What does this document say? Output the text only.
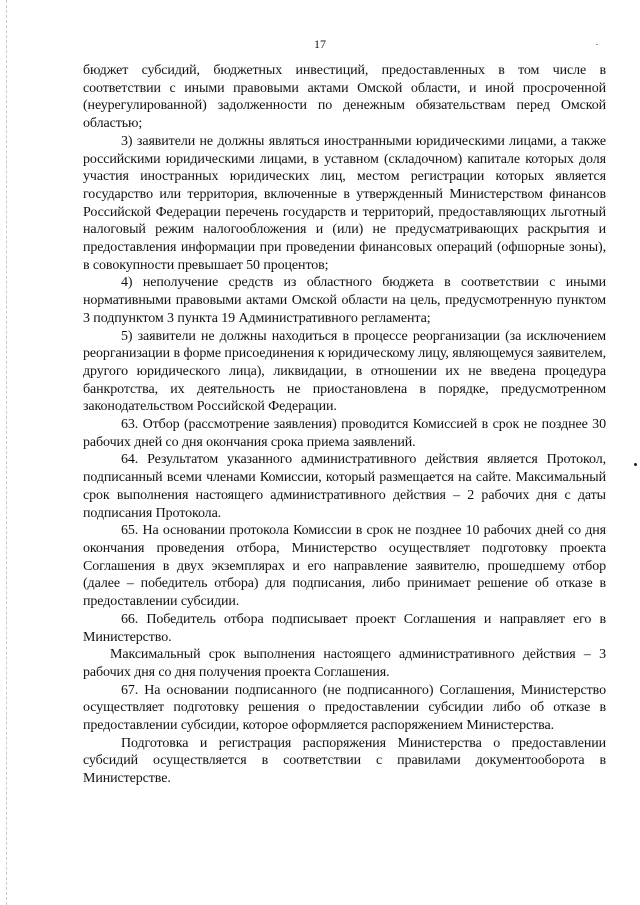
17

бюджет субсидий, бюджетных инвестиций, предоставленных в том числе в соответствии с иными правовыми актами Омской области, и иной просроченной (неурегулированной) задолженности по денежным обязательствам перед Омской областью;

3) заявители не должны являться иностранными юридическими лицами, а также российскими юридическими лицами, в уставном (складочном) капитале которых доля участия иностранных юридических лиц, местом регистрации которых является государство или территория, включенные в утвержденный Министерством финансов Российской Федерации перечень государств и территорий, предоставляющих льготный налоговый режим налогообложения и (или) не предусматривающих раскрытия и предоставления информации при проведении финансовых операций (офшорные зоны), в совокупности превышает 50 процентов;

4) неполучение средств из областного бюджета в соответствии с иными нормативными правовыми актами Омской области на цель, предусмотренную пунктом 3 подпунктом 3 пункта 19 Административного регламента;

5) заявители не должны находиться в процессе реорганизации (за исключением реорганизации в форме присоединения к юридическому лицу, являющемуся заявителем, другого юридического лица), ликвидации, в отношении их не введена процедура банкротства, их деятельность не приостановлена в порядке, предусмотренном законодательством Российской Федерации.

63. Отбор (рассмотрение заявления) проводится Комиссией в срок не позднее 30 рабочих дней со дня окончания срока приема заявлений.

64. Результатом указанного административного действия является Протокол, подписанный всеми членами Комиссии, который размещается на сайте. Максимальный срок выполнения настоящего административного действия – 2 рабочих дня с даты подписания Протокола.

65. На основании протокола Комиссии в срок не позднее 10 рабочих дней со дня окончания проведения отбора, Министерство осуществляет подготовку проекта Соглашения в двух экземплярах и его направление заявителю, прошедшему отбор (далее – победитель отбора) для подписания, либо принимает решение об отказе в предоставлении субсидии.

66. Победитель отбора подписывает проект Соглашения и направляет его в Министерство.

Максимальный срок выполнения настоящего административного действия – 3 рабочих дня со дня получения проекта Соглашения.

67. На основании подписанного (не подписанного) Соглашения, Министерство осуществляет подготовку решения о предоставлении субсидии либо об отказе в предоставлении субсидии, которое оформляется распоряжением Министерства.

Подготовка и регистрация распоряжения Министерства о предоставлении субсидий осуществляется в соответствии с правилами документооборота в Министерстве.
